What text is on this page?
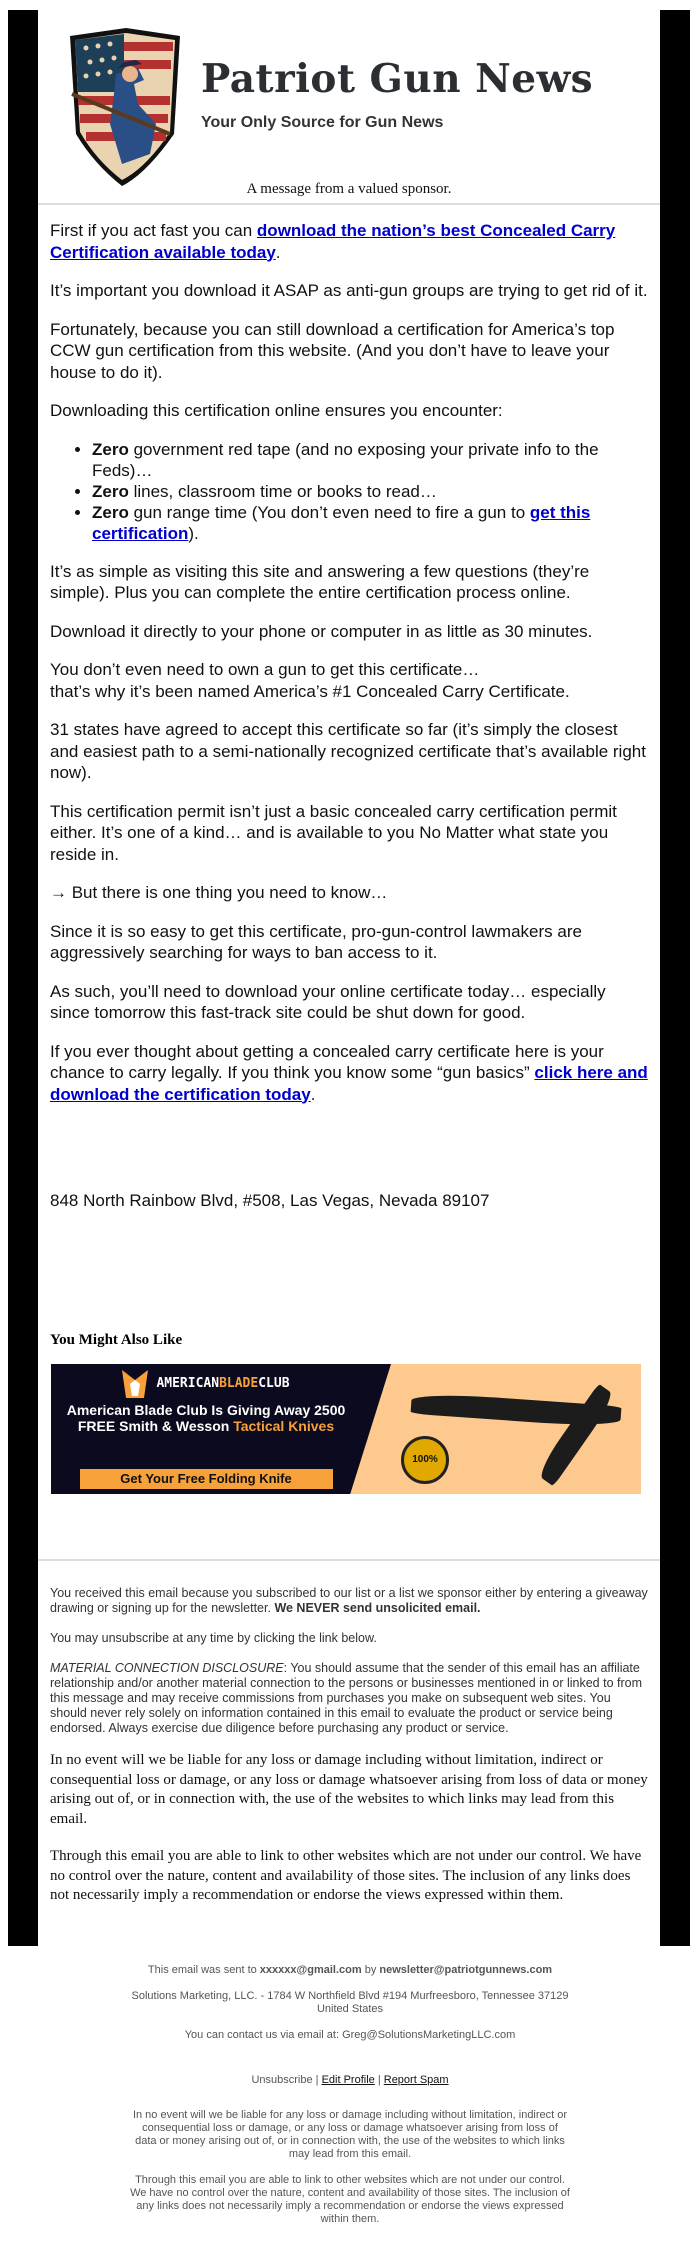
Patriot Gun News
Your Only Source for Gun News
A message from a valued sponsor.

First if you act fast you can download the nation’s best Concealed Carry Certification available today.

It’s important you download it ASAP as anti-gun groups are trying to get rid of it.

Fortunately, because you can still download a certification for America’s top CCW gun certification from this website. (And you don’t have to leave your house to do it).

Downloading this certification online ensures you encounter:

• Zero government red tape (and no exposing your private info to the Feds)…
• Zero lines, classroom time or books to read…
• Zero gun range time (You don’t even need to fire a gun to get this certification).

It’s as simple as visiting this site and answering a few questions (they’re simple). Plus you can complete the entire certification process online.

Download it directly to your phone or computer in as little as 30 minutes.

You don’t even need to own a gun to get this certificate…
that’s why it’s been named America’s #1 Concealed Carry Certificate.

31 states have agreed to accept this certificate so far (it’s simply the closest and easiest path to a semi-nationally recognized certificate that’s available right now).

This certification permit isn’t just a basic concealed carry certification permit either. It’s one of a kind… and is available to you No Matter what state you reside in.

→ But there is one thing you need to know…

Since it is so easy to get this certificate, pro-gun-control lawmakers are aggressively searching for ways to ban access to it.

As such, you’ll need to download your online certificate today… especially since tomorrow this fast-track site could be shut down for good.

If you ever thought about getting a concealed carry certificate here is your chance to carry legally. If you think you know some “gun basics” click here and download the certification today.

848 North Rainbow Blvd, #508, Las Vegas, Nevada 89107
You Might Also Like
100%
AMERICANBLADECLUB
American Blade Club Is Giving Away 2500 FREE Smith & Wesson Tactical Knives
Get Your Free Folding Knife

You received this email because you subscribed to our list or a list we sponsor either by entering a giveaway drawing or signing up for the newsletter. We NEVER send unsolicited email.

You may unsubscribe at any time by clicking the link below.

MATERIAL CONNECTION DISCLOSURE: You should assume that the sender of this email has an affiliate relationship and/or another material connection to the persons or businesses mentioned in or linked to from this message and may receive commissions from purchases you make on subsequent web sites. You should never rely solely on information contained in this email to evaluate the product or service being endorsed. Always exercise due diligence before purchasing any product or service.

In no event will we be liable for any loss or damage including without limitation, indirect or consequential loss or damage, or any loss or damage whatsoever arising from loss of data or money arising out of, or in connection with, the use of the websites to which links may lead from this email.

Through this email you are able to link to other websites which are not under our control. We have no control over the nature, content and availability of those sites. The inclusion of any links does not necessarily imply a recommendation or endorse the views expressed within them.

This email was sent to xxxxxx@gmail.com by newsletter@patriotgunnews.com

Solutions Marketing, LLC. - 1784 W Northfield Blvd #194 Murfreesboro, Tennessee 37129 United States

You can contact us via email at: Greg@SolutionsMarketingLLC.com

Unsubscribe | Edit Profile | Report Spam

In no event will we be liable for any loss or damage including without limitation, indirect or consequential loss or damage, or any loss or damage whatsoever arising from loss of data or money arising out of, or in connection with, the use of the websites to which links may lead from this email.

Through this email you are able to link to other websites which are not under our control. We have no control over the nature, content and availability of those sites. The inclusion of any links does not necessarily imply a recommendation or endorse the views expressed within them.
